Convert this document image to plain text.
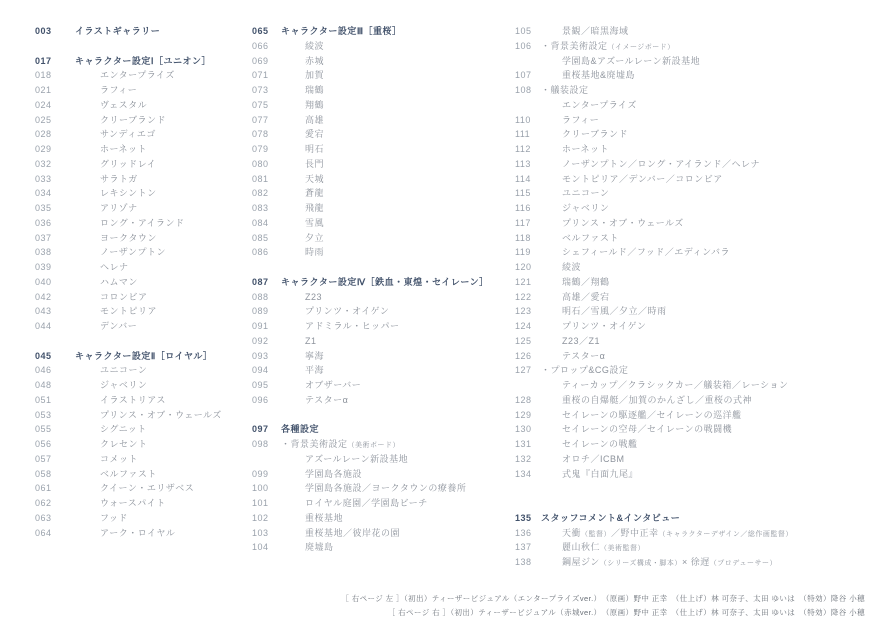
003	イラストギャラリー
017	キャラクター設定Ⅰ［ユニオン］
018	エンタープライズ
021	ラフィー
024	ヴェスタル
025	クリーブランド
028	サンディエゴ
029	ホーネット
032	グリッドレイ
033	サラトガ
034	レキシントン
035	アリゾナ
036	ロング・アイランド
037	ヨークタウン
038	ノーザンプトン
039	ヘレナ
040	ハムマン
042	コロンビア
043	モントピリア
044	デンバー
045	キャラクター設定Ⅱ［ロイヤル］
046	ユニコーン
048	ジャベリン
051	イラストリアス
053	プリンス・オブ・ウェールズ
055	シグニット
056	クレセント
057	コメット
058	ベルファスト
061	クイーン・エリザベス
062	ウォースパイト
063	フッド
064	アーク・ロイヤル
065	キャラクター設定Ⅲ［重桜］
066	綾波
069	赤城
071	加賀
073	瑞鶴
075	翔鶴
077	高雄
078	愛宕
079	明石
080	長門
081	天城
082	蒼龍
083	飛龍
084	雪風
085	夕立
086	時雨
087	キャラクター設定Ⅳ［鉄血・東煌・セイレーン］
088	Z23
089	プリンツ・オイゲン
091	アドミラル・ヒッパー
092	Z1
093	寧海
094	平海
095	オブザーバー
096	テスターα
097	各種設定
098	・背景美術設定（美術ボード）
アズールレーン新設基地
099	学園島各施設
100	学園島各施設／ヨークタウンの療養所
101	ロイヤル庭園／学園島ビーチ
102	重桜基地
103	重桜基地／彼岸花の園
104	廃墟島
105	景観／暗黒海域
106	・背景美術設定（イメージボード）
学園島&アズールレーン新設基地
107	重桜基地&廃墟島
108	・艤装設定
エンタープライズ
110	ラフィー
111	クリーブランド
112	ホーネット
113	ノーザンプトン／ロング・アイランド／ヘレナ
114	モントピリア／デンバー／コロンビア
115	ユニコーン
116	ジャベリン
117	プリンス・オブ・ウェールズ
118	ベルファスト
119	シェフィールド／フッド／エディンバラ
120	綾波
121	瑞鶴／翔鶴
122	高雄／愛宕
123	明石／雪風／夕立／時雨
124	プリンツ・オイゲン
125	Z23／Z1
126	テスターα
127	・プロップ&CG設定
ティーカップ／クラシックカー／艤装箱／レーション
128	重桜の自爆艇／加賀のかんざし／重桜の式神
129	セイレーンの駆逐艦／セイレーンの巡洋艦
130	セイレーンの空母／セイレーンの戦闘機
131	セイレーンの戦艦
132	オロチ／ICBM
134	式鬼『白面九尾』
135	スタッフコメント&インタビュー
136	天衝（監督）／野中正幸（キャラクターデザイン／総作画監督）
137	麗山秋仁（美術監督）
138	鋼屋ジン（シリーズ構成・脚本）× 徐遅（プロデューサー）
［ 右ページ 左 ］（初出）ティーザービジュアル（エンタープライズver.）　（原画）野中 正幸　（仕上げ）林 可奈子、太田 ゆいは　（特効）降谷 小穂
［ 右ページ 右 ］（初出）ティーザービジュアル（赤城ver.）　（原画）野中 正幸　（仕上げ）林 可奈子、太田 ゆいは　（特効）降谷 小穂
